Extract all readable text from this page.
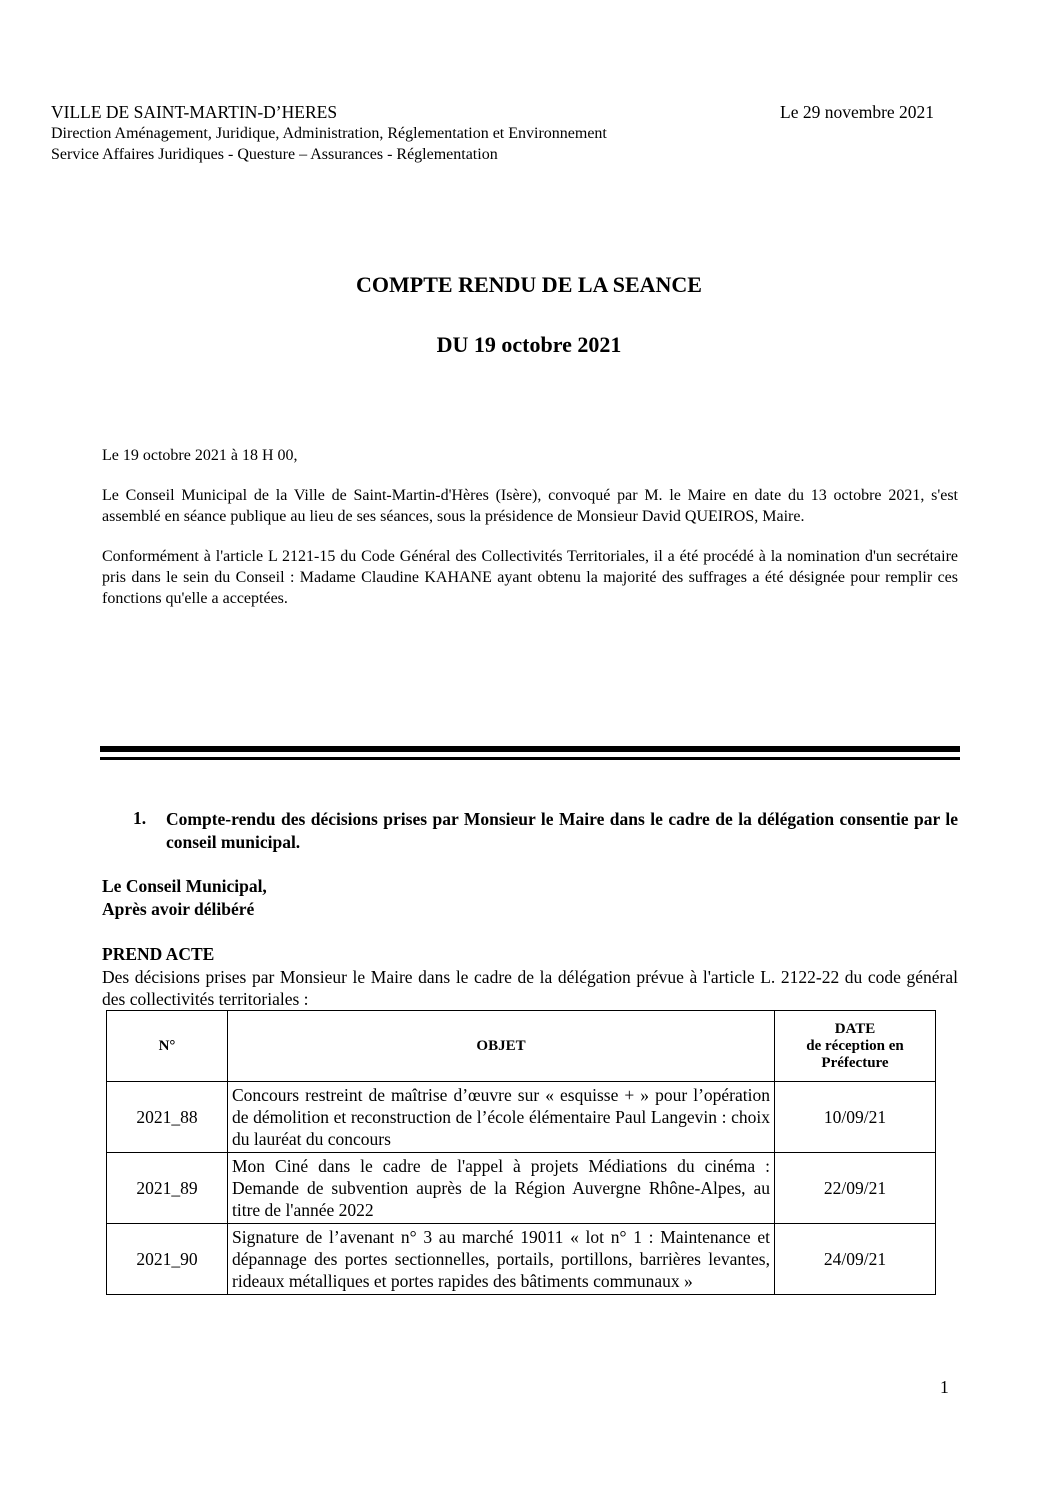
VILLE DE SAINT-MARTIN-D’HERES
Direction Aménagement, Juridique, Administration, Réglementation et Environnement
Service Affaires Juridiques - Questure – Assurances - Réglementation
Le 29 novembre 2021
COMPTE RENDU DE LA SEANCE
DU 19 octobre 2021
Le 19 octobre 2021 à 18 H 00,
Le Conseil Municipal de la Ville de Saint-Martin-d'Hères (Isère), convoqué par M. le Maire en date du 13 octobre 2021, s'est assemblé en séance publique au lieu de ses séances, sous la présidence de Monsieur David QUEIROS, Maire.
Conformément à l'article L 2121-15 du Code Général des Collectivités Territoriales, il a été procédé à la nomination d'un secrétaire pris dans le sein du Conseil : Madame Claudine KAHANE ayant obtenu la majorité des suffrages a été désignée pour remplir ces fonctions qu'elle a acceptées.
1. Compte-rendu des décisions prises par Monsieur le Maire dans le cadre de la délégation consentie par le conseil municipal.
Le Conseil Municipal,
Après avoir délibéré
PREND ACTE
Des décisions prises par Monsieur le Maire dans le cadre de la délégation prévue à l'article L. 2122-22 du code général des collectivités territoriales :
N°	OBJET	DATE
de réception en
Préfecture

2021_88	Concours restreint de maîtrise d’œuvre sur « esquisse + » pour l’opération de démolition et reconstruction de l’école élémentaire Paul Langevin : choix du lauréat du concours	10/09/21
2021_89	Mon Ciné dans le cadre de l'appel à projets Médiations du cinéma : Demande de subvention auprès de la Région Auvergne Rhône-Alpes, au titre de l'année 2022	22/09/21
2021_90	Signature de l’avenant n° 3 au marché 19011 « lot n° 1 : Maintenance et dépannage des portes sectionnelles, portails, portillons, barrières levantes, rideaux métalliques et portes rapides des bâtiments communaux »	24/09/21
1
